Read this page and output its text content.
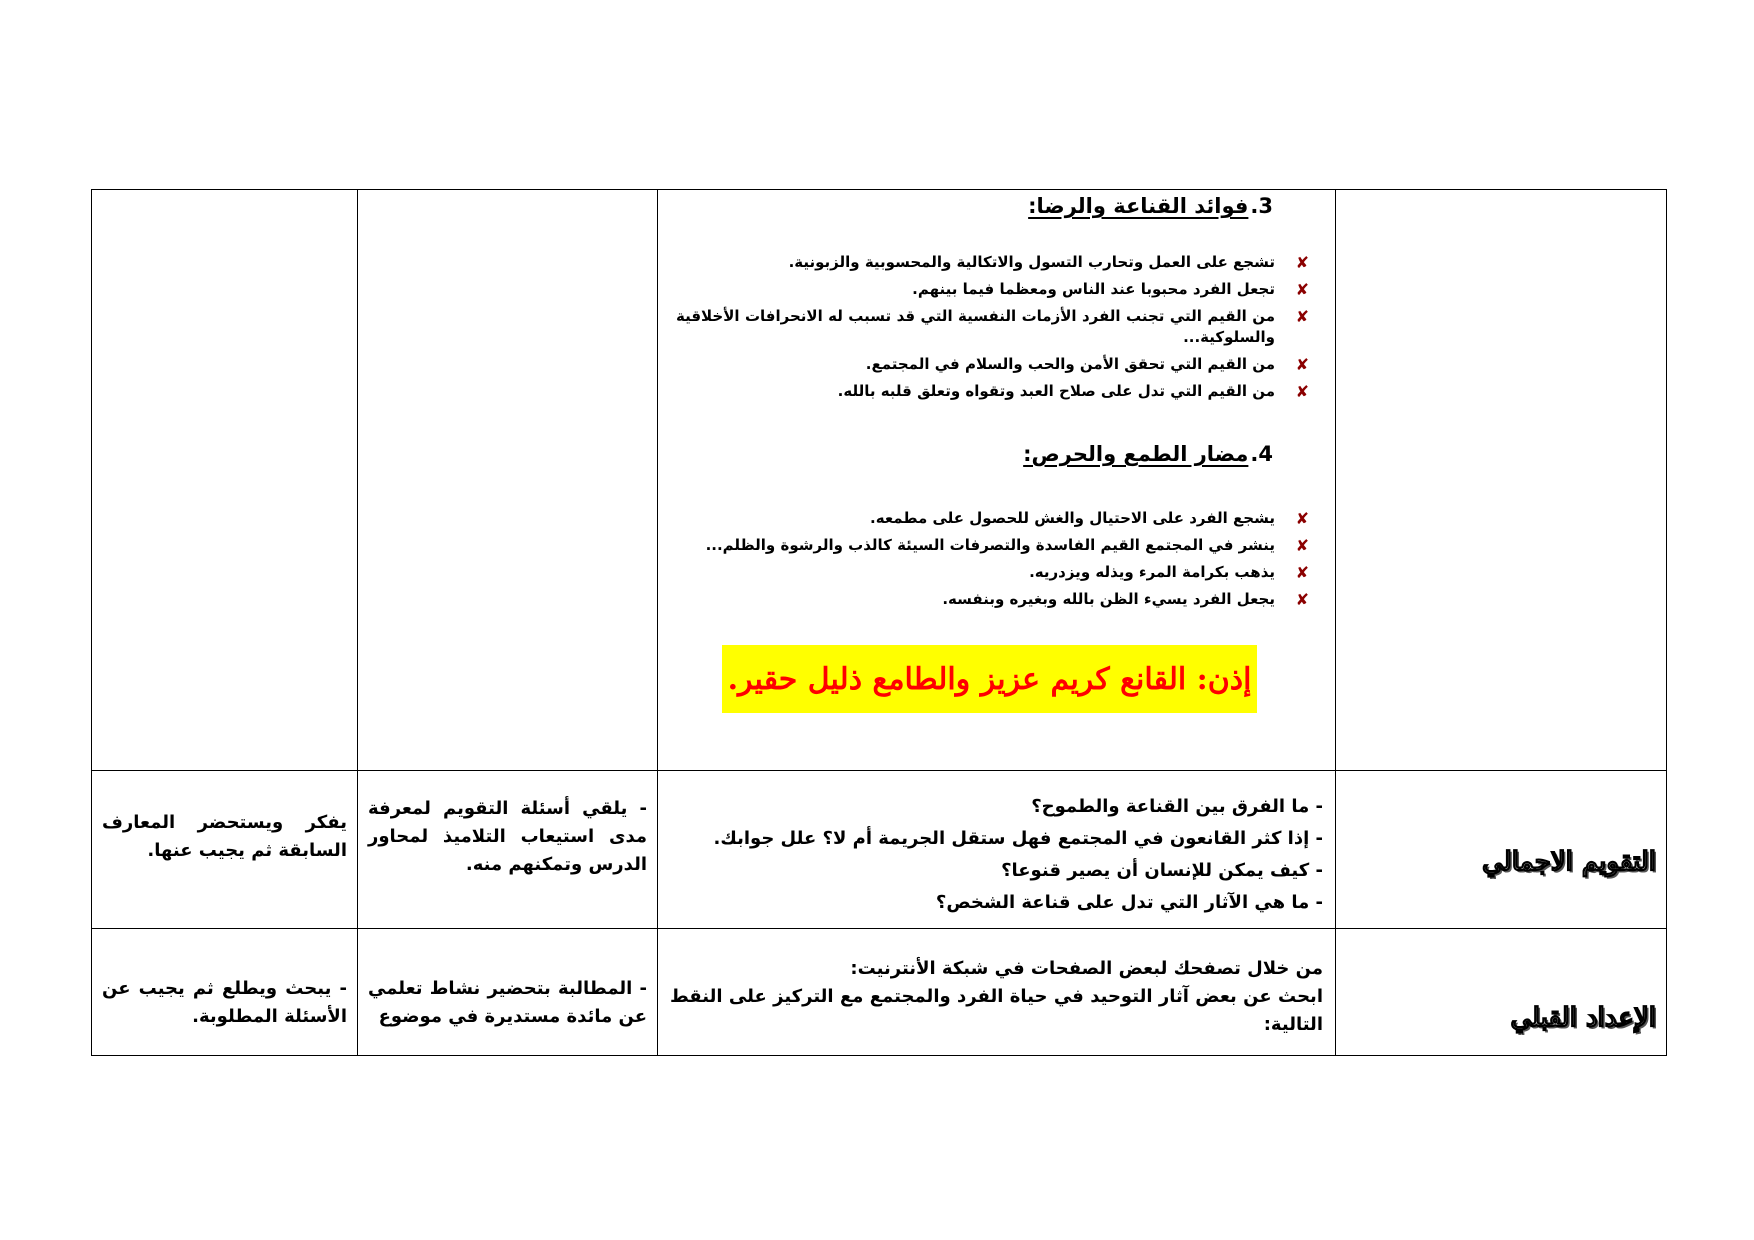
3.فوائد القناعة والرضا:
✘
تشجع على العمل وتحارب التسول والاتكالية والمحسوبية والزبونية.
✘
تجعل الفرد محبوبا عند الناس ومعظما فيما بينهم.
✘
من القيم التي تجنب الفرد الأزمات النفسية التي قد تسبب له الانحرافات الأخلاقية والسلوكية...
✘
من القيم التي تحقق الأمن والحب والسلام في المجتمع.
✘
من القيم التي تدل على صلاح العبد وتقواه وتعلق قلبه بالله.
4.مضار الطمع والحرص:
✘
يشجع الفرد على الاحتيال والغش للحصول على مطمعه.
✘
ينشر في المجتمع القيم الفاسدة والتصرفات السيئة كالذب والرشوة والظلم...
✘
يذهب بكرامة المرء ويذله ويزدريه.
✘
يجعل الفرد يسيء الظن بالله وبغيره وبنفسه.
إذن: القانع كريم عزيز والطامع ذليل حقير.
التقويم الاجمالي
- ما الفرق بين القناعة والطموح؟
- إذا كثر القانعون في المجتمع فهل ستقل الجريمة أم لا؟ علل جوابك.
- كيف يمكن للإنسان أن يصير قنوعا؟
- ما هي الآثار التي تدل على قناعة الشخص؟
- يلقي أسئلة التقويم لمعرفة مدى استيعاب التلاميذ لمحاور الدرس وتمكنهم منه.
يفكر ويستحضر المعارف السابقة ثم يجيب عنها.
الإعداد القبلي
من خلال تصفحك لبعض الصفحات في شبكة الأنترنيت:
ابحث عن بعض آثار التوحيد في حياة الفرد والمجتمع مع التركيز على النقط التالية:
- المطالبة بتحضير نشاط تعلمي عن مائدة مستديرة في موضوع
- يبحث ويطلع ثم يجيب عن الأسئلة المطلوبة.
